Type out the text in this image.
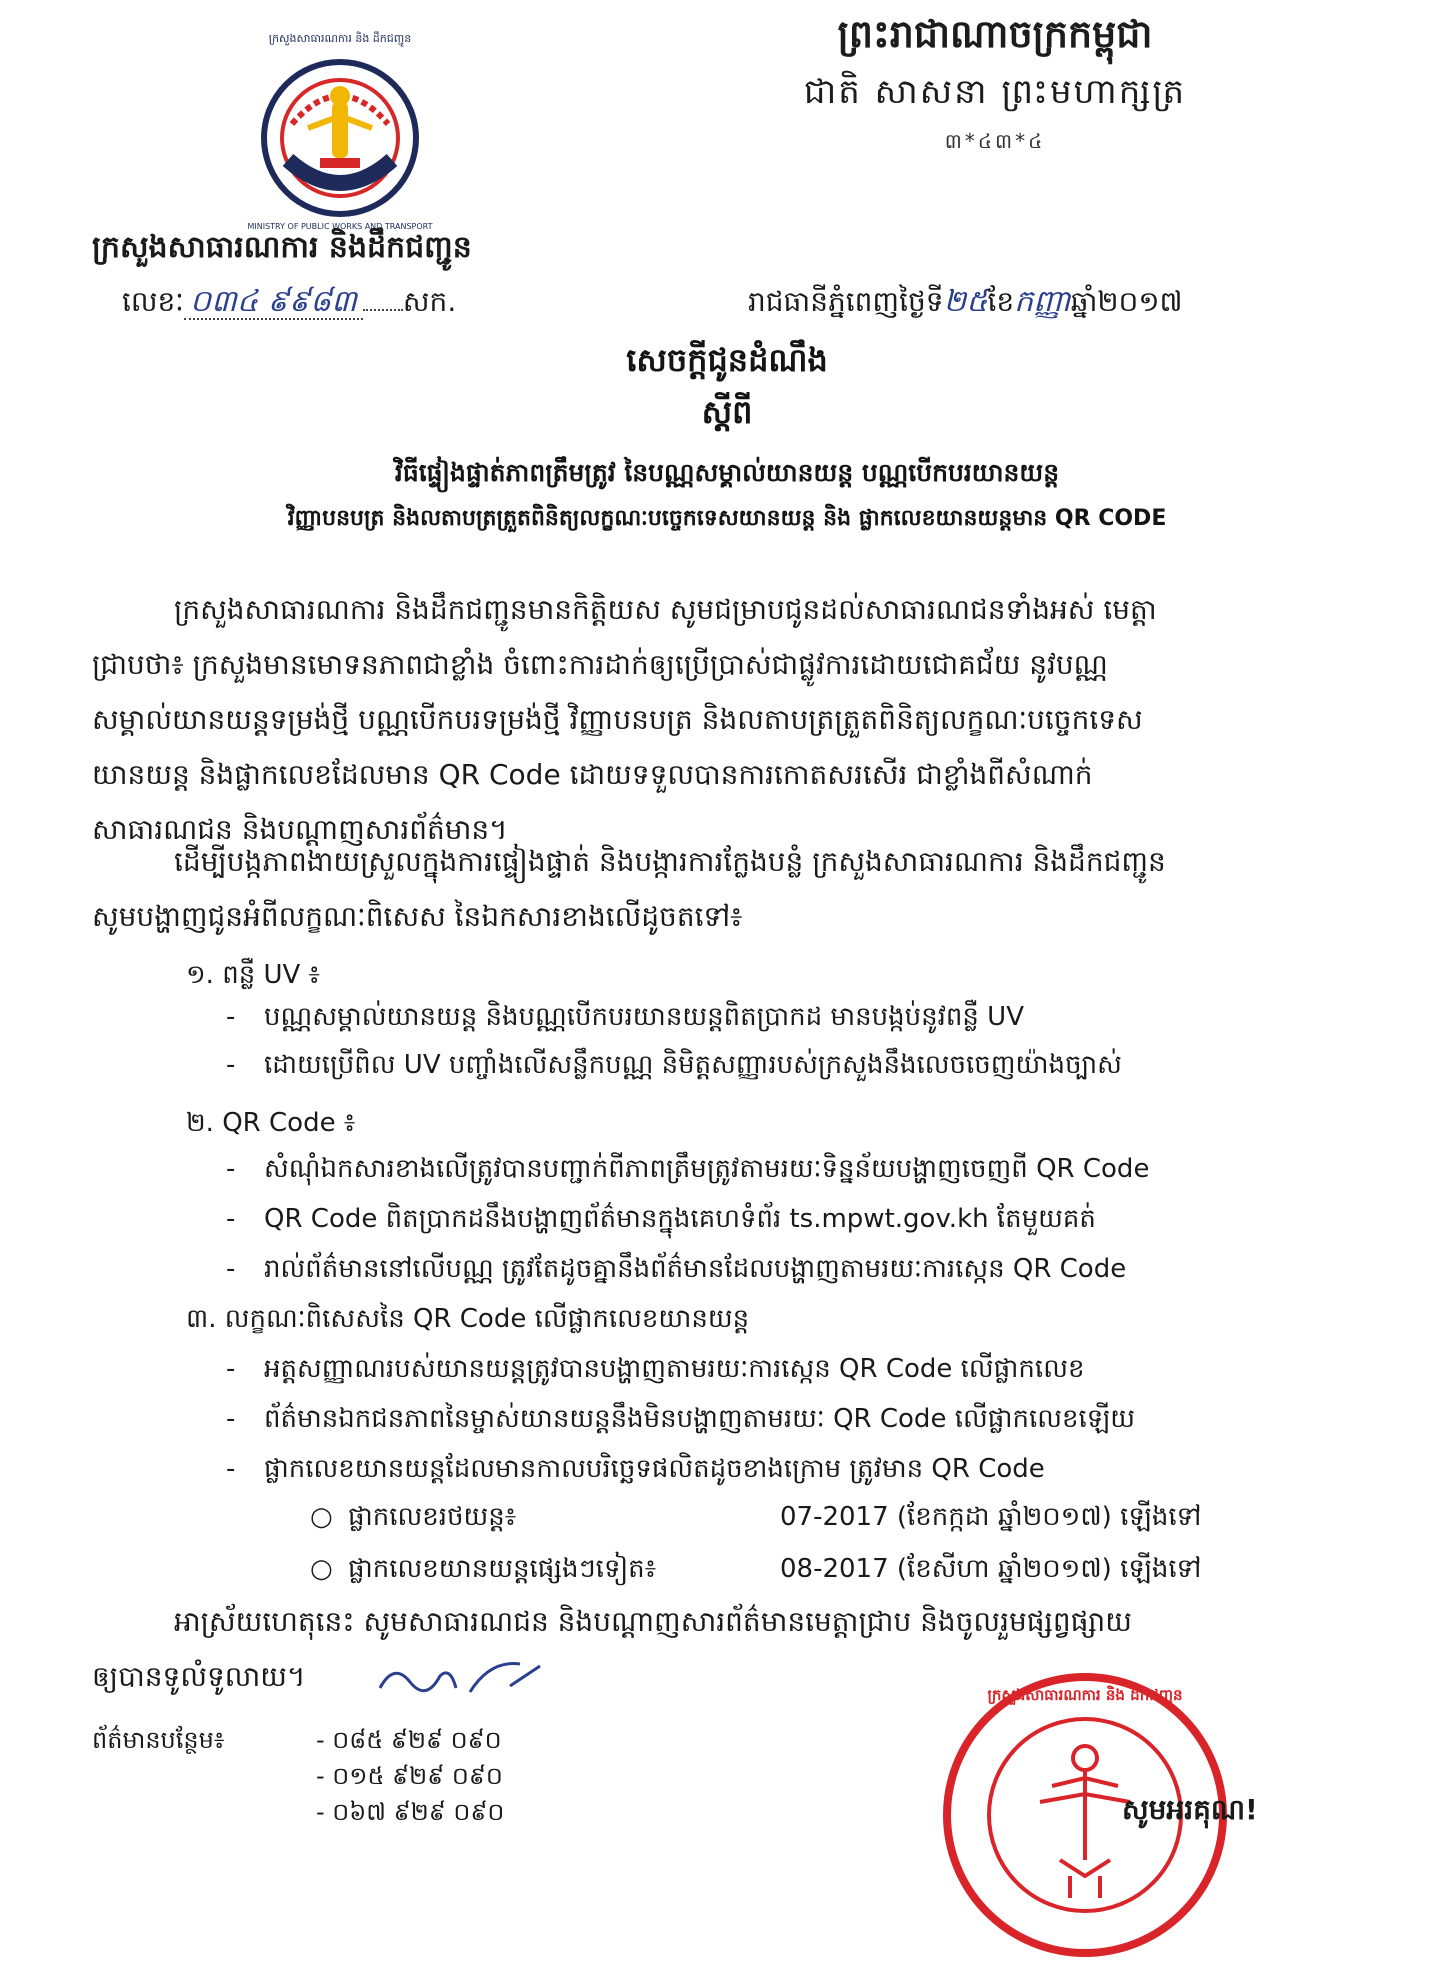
ក្រសួងសាធារណការ និង ដឹកជញ្ជូន
MINISTRY OF PUBLIC WORKS AND TRANSPORT
ព្រះរាជាណាចក្រកម្ពុជា
ជាតិ សាសនា ព្រះមហាក្សត្រ
៣*៤៣*៤
ក្រសួងសាធារណការ និងដឹកជញ្ជូន
លេខៈ ០៣៤ ៩៩៨៣ សក.	រាជធានីភ្នំពេញថ្ងៃទី២៥ខែកញ្ញាឆ្នាំ២០១៧
សេចក្តីជូនដំណឹង
ស្តីពី
វិធីផ្ទៀងផ្ទាត់ភាពត្រឹមត្រូវ នៃបណ្ណសម្គាល់យានយន្ត បណ្ណបើកបរយានយន្ត
វិញ្ញាបនបត្រ និងលតាបត្រត្រួតពិនិត្យលក្ខណៈបច្ចេកទេសយានយន្ត និង ផ្លាកលេខយានយន្តមាន QR CODE
ក្រសួងសាធារណការ និងដឹកជញ្ជូនមានកិត្តិយស សូមជម្រាបជូនដល់សាធារណជនទាំងអស់ មេត្តា
ជ្រាបថា៖ ក្រសួងមានមោទនភាពជាខ្លាំង ចំពោះការដាក់ឲ្យប្រើប្រាស់ជាផ្លូវការដោយជោគជ័យ នូវបណ្ណ
សម្គាល់យានយន្តទម្រង់ថ្មី បណ្ណបើកបរទម្រង់ថ្មី វិញ្ញាបនបត្រ និងលតាបត្រត្រួតពិនិត្យលក្ខណៈបច្ចេកទេស
យានយន្ត និងផ្លាកលេខដែលមាន QR Code ដោយទទួលបានការកោតសរសើរ ជាខ្លាំងពីសំណាក់
សាធារណជន និងបណ្តាញសារព័ត៌មាន។
ដើម្បីបង្កភាពងាយស្រួលក្នុងការផ្ទៀងផ្ទាត់ និងបង្ការការក្លែងបន្លំ ក្រសួងសាធារណការ និងដឹកជញ្ជូន
សូមបង្ហាញជូនអំពីលក្ខណៈពិសេស នៃឯកសារខាងលើដូចតទៅ៖
១. ពន្លឺ UV ៖
- បណ្ណសម្គាល់យានយន្ត និងបណ្ណបើកបរយានយន្តពិតប្រាកដ មានបង្កប់នូវពន្លឺ UV
- ដោយប្រើពិល UV បញ្ចាំងលើសន្លឹកបណ្ណ និមិត្តសញ្ញារបស់ក្រសួងនឹងលេចចេញយ៉ាងច្បាស់
២. QR Code ៖
- សំណុំឯកសារខាងលើត្រូវបានបញ្ជាក់ពីភាពត្រឹមត្រូវតាមរយៈទិន្នន័យបង្ហាញចេញពី QR Code
- QR Code ពិតប្រាកដនឹងបង្ហាញព័ត៌មានក្នុងគេហទំព័រ ts.mpwt.gov.kh តែមួយគត់
- រាល់ព័ត៌មាននៅលើបណ្ណ ត្រូវតែដូចគ្នានឹងព័ត៌មានដែលបង្ហាញតាមរយៈការស្កេន QR Code
៣. លក្ខណៈពិសេសនៃ QR Code លើផ្លាកលេខយានយន្ត
- អត្តសញ្ញាណរបស់យានយន្តត្រូវបានបង្ហាញតាមរយៈការស្កេន QR Code លើផ្លាកលេខ
- ព័ត៌មានឯកជនភាពនៃម្ចាស់យានយន្តនឹងមិនបង្ហាញតាមរយៈ QR Code លើផ្លាកលេខឡើយ
- ផ្លាកលេខយានយន្តដែលមានកាលបរិច្ឆេទផលិតដូចខាងក្រោម ត្រូវមាន QR Code
○ ផ្លាកលេខរថយន្ត៖	07-2017 (ខែកក្កដា ឆ្នាំ២០១៧) ឡើងទៅ
○ ផ្លាកលេខយានយន្តផ្សេងៗទៀត៖	08-2017 (ខែសីហា ឆ្នាំ២០១៧) ឡើងទៅ
អាស្រ័យហេតុនេះ សូមសាធារណជន និងបណ្តាញសារព័ត៌មានមេត្តាជ្រាប និងចូលរួមផ្សព្វផ្សាយ
ឲ្យបានទូលំទូលាយ។
ព័ត៌មានបន្ថែម៖	- ០៨៥ ៩២៩ ០៩០
- ០១៥ ៩២៩ ០៩០
- ០៦៧ ៩២៩ ០៩០
ក្រសួងសាធារណការ និង ដឹកជញ្ជូន
សូមអរគុណ!
